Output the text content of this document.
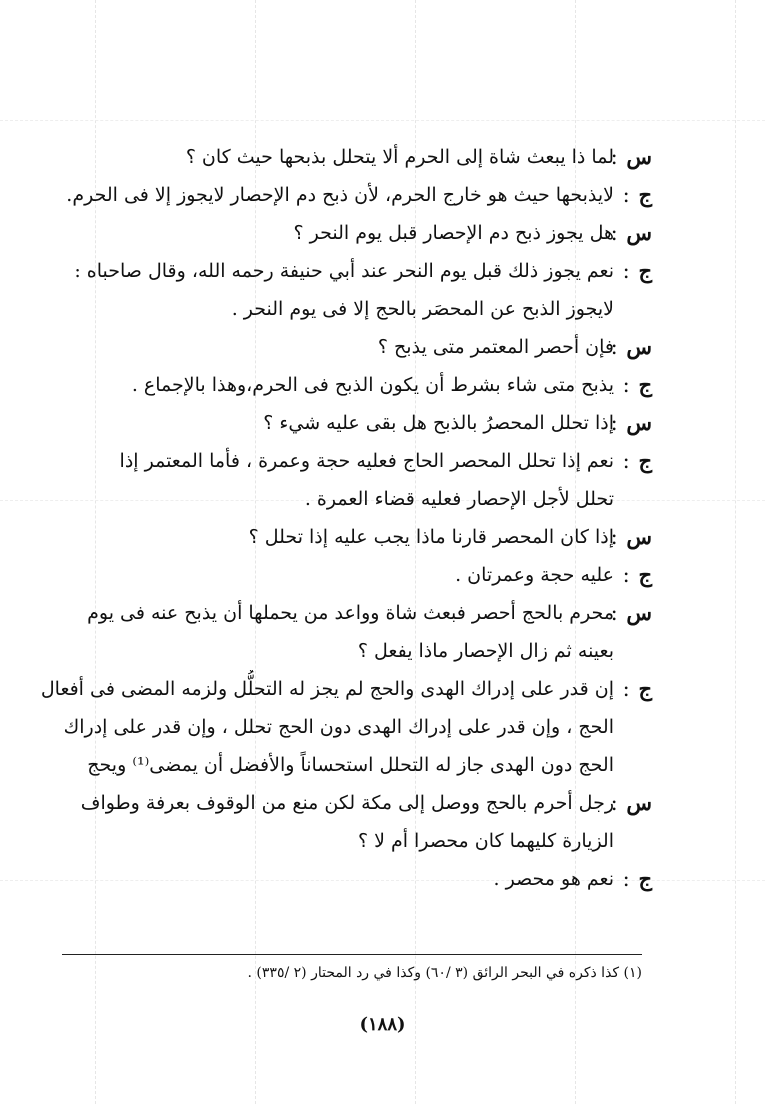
س :
لما ذا يبعث شاة إلى الحرم ألا يتحلل بذبحها حيث كان ؟
ج :
لايذبحها حيث هو خارج الحرم، لأن ذبح دم الإحصار لايجوز إلا فى الحرم.
س :
هل يجوز ذبح دم الإحصار قبل يوم النحر ؟
ج :
نعم يجوز ذلك قبل يوم النحر عند أبي حنيفة رحمه الله، وقال صاحباه :
لايجوز الذبح عن المحصَر بالحج إلا فى يوم النحر .
س :
فإن أحصر المعتمر متى يذبح ؟
ج :
يذبح متى شاء بشرط أن يكون الذبح فى الحرم،وهذا بالإجماع .
س :
إذا تحلل المحصرُ بالذبح هل بقى عليه شيء ؟
ج :
نعم إذا تحلل المحصر الحاج فعليه حجة وعمرة ، فأما المعتمر إذا
تحلل لأجل الإحصار فعليه قضاء العمرة .
س :
إذا كان المحصر قارنا ماذا يجب عليه إذا تحلل ؟
ج :
عليه حجة وعمرتان .
س :
محرم بالحج أحصر فبعث شاة وواعد من يحملها أن يذبح عنه فى يوم
بعينه ثم زال الإحصار ماذا يفعل ؟
ج :
إن قدر على إدراك الهدى والحج لم يجز له التحلُّل ولزمه المضى فى أفعال
الحج ، وإن قدر على إدراك الهدى دون الحج تحلل ، وإن قدر على إدراك
الحج دون الهدى جاز له التحلل استحساناً والأفضل أن يمضى⁽¹⁾ ويحج
س :
رجل أحرم بالحج ووصل إلى مكة لكن منع من الوقوف بعرفة وطواف
الزيارة كليهما كان محصرا أم لا ؟
ج :
نعم هو محصر .
(١) كذا ذكره في البحر الرائق (٣ /٦٠) وكذا في رد المحتار (٢ /٣٣٥) .
(١٨٨)
